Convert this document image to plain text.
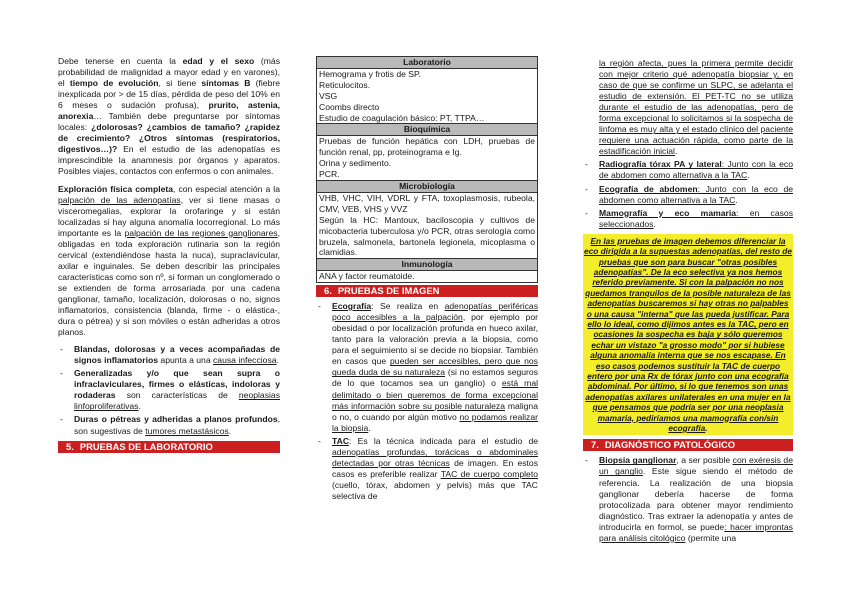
Debe tenerse en cuenta la edad y el sexo (más probabilidad de malignidad a mayor edad y en varones), el tiempo de evolución, si tiene síntomas B (fiebre inexplicada por > de 15 días, pérdida de peso del 10% en 6 meses o sudación profusa), prurito, astenia, anorexia… También debe preguntarse por síntomas locales: ¿dolorosas? ¿cambios de tamaño? ¿rapidez de crecimiento? ¿Otros síntomas (respiratorios, digestivos…)? En el estudio de las adenopatías es imprescindible la anamnesis por órganos y aparatos. Posibles viajes, contactos con enfermos o con animales.

Exploración física completa, con especial atención a la palpación de las adenopatías, ver si tiene masas o visceromegalias, explorar la orofaringe y si están localizadas si hay alguna anomalía locorregional. Lo más importante es la palpación de las regiones ganglionares, obligadas en toda exploración rutinaria son la región cervical (extendiéndose hasta la nuca), supraclavicular, axilar e inguinales. Se deben describir las principales características como son nº, si forman un conglomerado o se extienden de forma arrosariada por una cadena ganglionar, tamaño, localización, dolorosas o no, signos inflamatorios, consistencia (blanda, firme - o elástica-, dura o pétrea) y si son móviles o están adheridas a otros planos.

- Blandas, dolorosas y a veces acompañadas de signos inflamatorios apunta a una causa infecciosa.
- Generalizadas y/o que sean supra o infraclaviculares, firmes o elásticas, indoloras y rodaderas son características de neoplasias linfoproliferativas.
- Duras o pétreas y adheridas a planos profundos, son sugestivas de tumores metastásicos.
5. PRUEBAS DE LABORATORIO
Laboratorio

Hemograma y frotis de SP.
Reticulocitos.
VSG
Coombs directo
Estudio de coagulación básico: PT, TTPA…

Bioquímica

Pruebas de función hepática con LDH, pruebas de función renal, pp, proteinograma e Ig.
Orina y sedimento.
PCR.

Microbiología

VHB, VHC, VIH, VDRL y FTA, toxoplasmosis, rubeola, CMV, VEB, VHS y VVZ
Según la HC: Mantoux, baciloscopia y cultivos de micobacteria tuberculosa y/o PCR, otras serología como bruzela, salmonela, bartonela legionela, micoplasma o clamidias.

Inmunología
ANA y factor reumatoide.
6. PRUEBAS DE IMAGEN
- Ecografía: Se realiza en adenopatías periféricas poco accesibles a la palpación, por ejemplo por obesidad o por localización profunda en hueco axilar, tanto para la valoración previa a la biopsia, como para el seguimiento si se decide no biopsiar. También en casos que pueden ser accesibles, pero que nos queda duda de su naturaleza (si no estamos seguros de lo que tocamos sea un ganglio) o está mal delimitado o bien queremos de forma excepcional más información sobre su posible naturaleza maligna o no, o cuando por algún motivo no podamos realizar la biopsia.
- TAC: Es la técnica indicada para el estudio de adenopatías profundas, torácicas o abdominales detectadas por otras técnicas de imagen. En estos casos es preferible realizar TAC de cuerpo completo (cuello, tórax, abdomen y pelvis) más que TAC selectiva de

la región afecta, pues la primera permite decidir con mejor criterio qué adenopatía biopsiar y, en caso de que se confirme un SLPC, se adelanta el estudio de extensión. El PET-TC no se utiliza durante el estudio de las adenopatías, pero de forma excepcional lo solicitamos si la sospecha de linfoma es muy alta y el estado clínico del paciente requiere una actuación rápida, como parte de la estadificación inicial.

- Radiografía tórax PA y lateral: Junto con la eco de abdomen como alternativa a la TAC.
- Ecografía de abdomen: Junto con la eco de abdomen como alternativa a la TAC.
- Mamografía y eco mamaria: en casos seleccionados.
En las pruebas de imagen debemos diferenciar la eco dirigida a la supuestas adenopatías, del resto de pruebas que son para buscar "otras posibles adenopatías". De la eco selectiva ya nos hemos referido previamente. Si con la palpación no nos quedamos tranquilos de la posible naturaleza de las adenopatías buscaremos si hay otras no palpables o una causa "interna" que las pueda justificar. Para ello lo ideal, como dijimos antes es la TAC, pero en ocasiones la sospecha es baja y sólo queremos echar un vistazo "a grosso modo" por si hubiese alguna anomalía interna que se nos escapase. En eso casos podemos sustituir la TAC de cuerpo entero por una Rx de tórax junto con una ecografía abdominal. Por último, si lo que tenemos son unas adenopatías axilares unilaterales en una mujer en la que pensamos que podría ser por una neoplasia mamaria, pediríamos una mamografía con/sin ecografía.
7. DIAGNÓSTICO PATOLÓGICO
- Biopsia ganglionar, a ser posible con exéresis de un ganglio. Este sigue siendo el método de referencia. La realización de una biopsia ganglionar debería hacerse de forma protocolizada para obtener mayor rendimiento diagnóstico. Tras extraer la adenopatía y antes de introducirla en formol, se puede: hacer improntas para análisis citológico (permite una
